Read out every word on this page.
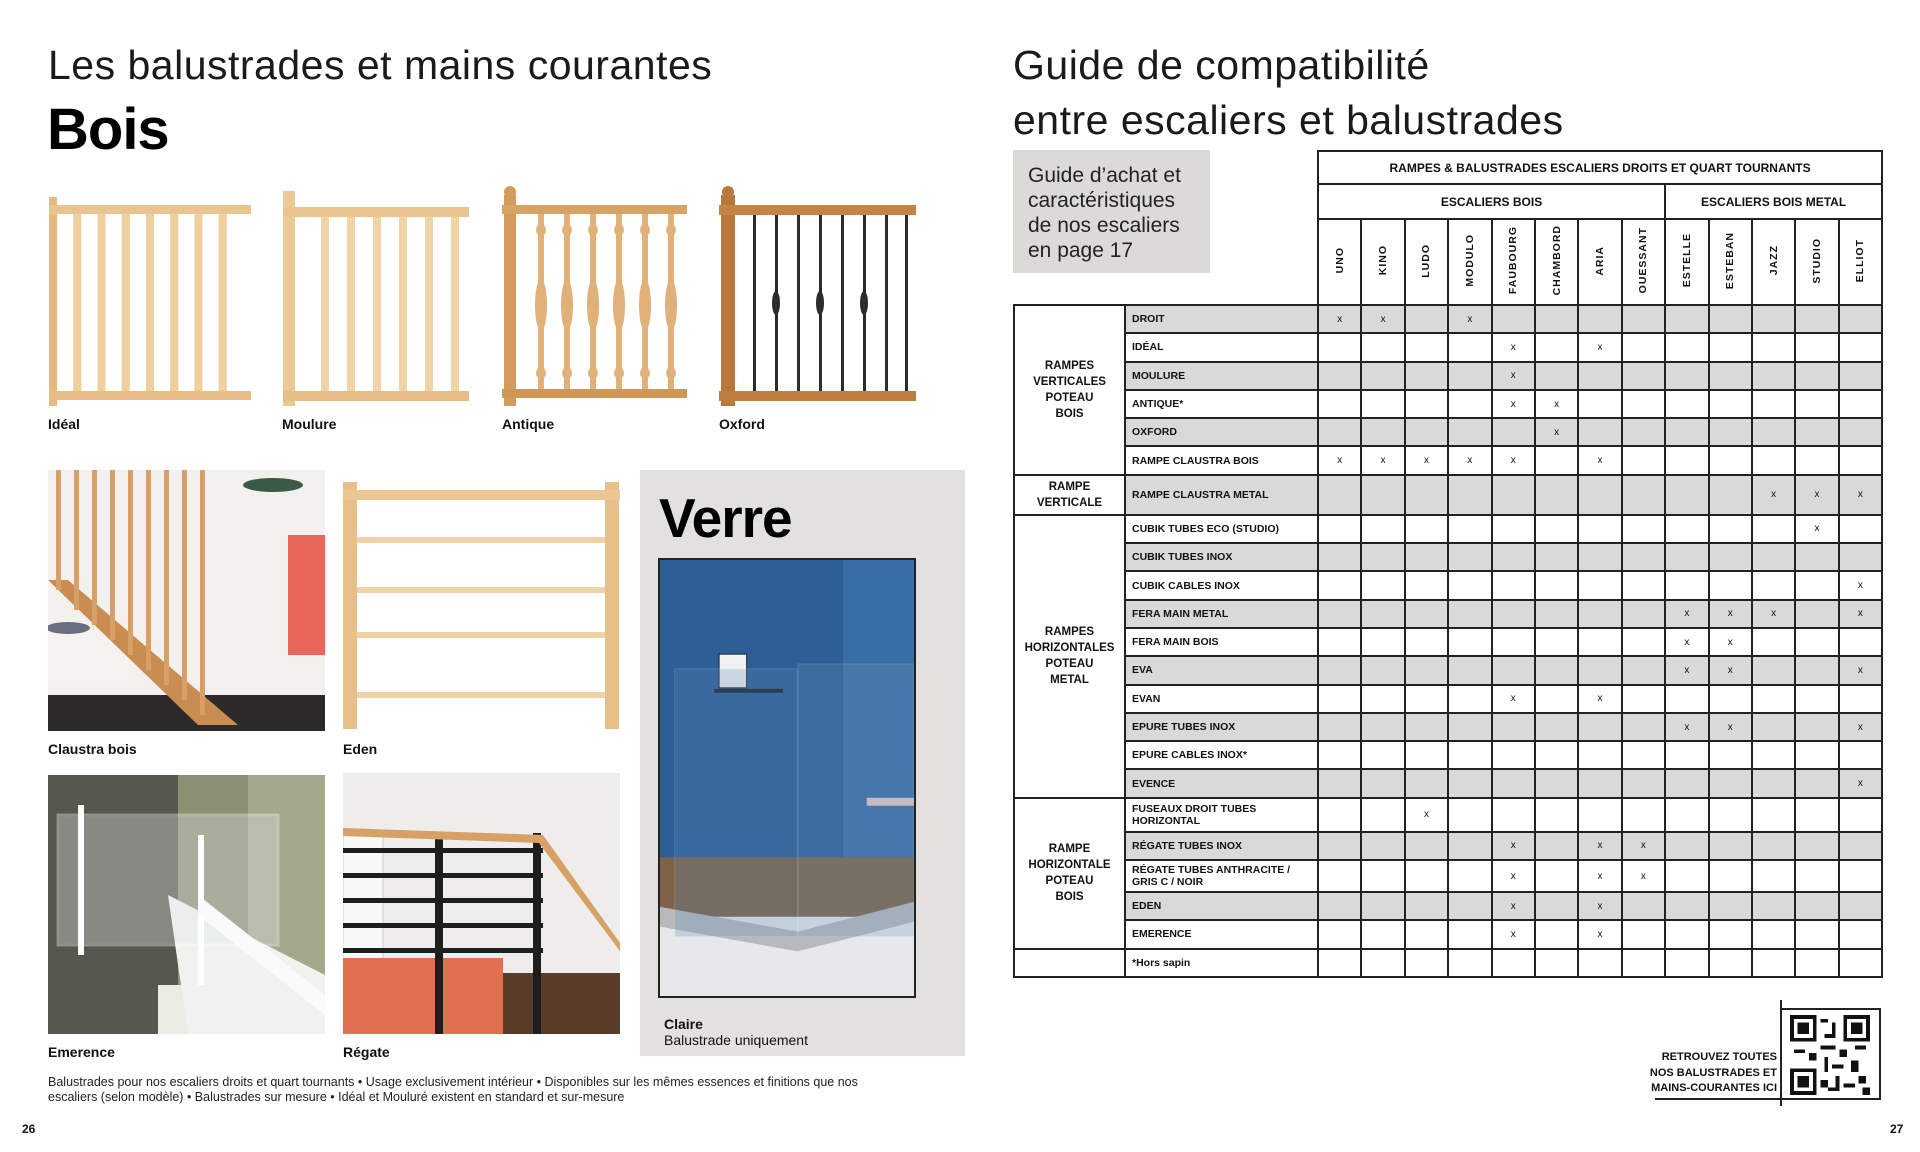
Les balustrades et mains courantes
Bois
Idéal	Moulure	Antique	Oxford
Claustra bois	Eden
Verre
Claire
Balustrade uniquement
Emerence	Régate
Balustrades pour nos escaliers droits et quart tournants • Usage exclusivement intérieur • Disponibles sur les mêmes essences et finitions que nos
escaliers (selon modèle) • Balustrades sur mesure • Idéal et Mouluré existent en standard et sur-mesure
26
Guide de compatibilité
entre escaliers et balustrades
Guide d’achat et
caractéristiques
de nos escaliers
en page 17
		RAMPES & BALUSTRADES ESCALIERS DROITS ET QUART TOURNANTS												
		ESCALIERS BOIS								ESCALIERS BOIS METAL				
		UNO	KINO	LUDO	MODULO	FAUBOURG	CHAMBORD	ARIA	OUESSANT	ESTELLE	ESTEBAN	JAZZ	STUDIO	ELLIOT
RAMPES
VERTICALES
POTEAU
BOIS	DROIT	x	x		x									
	IDÉAL					x		x						
	MOULURE					x								
	ANTIQUE*					x	x							
	OXFORD						x							
	RAMPE CLAUSTRA BOIS	x	x	x	x	x		x						
RAMPE
VERTICALE	RAMPE CLAUSTRA METAL											x	x	x
RAMPES
HORIZONTALES
POTEAU
METAL	CUBIK TUBES ECO (STUDIO)												x	
	CUBIK TUBES INOX													
	CUBIK CABLES INOX													x
	FERA MAIN METAL									x	x	x		x
	FERA MAIN BOIS									x	x			
	EVA									x	x			x
	EVAN					x		x						
	EPURE TUBES INOX									x	x			x
	EPURE CABLES INOX*													
	EVENCE													x
RAMPE
HORIZONTALE
POTEAU
BOIS	FUSEAUX DROIT TUBES HORIZONTAL			x										
	RÉGATE TUBES INOX					x		x	x					
	RÉGATE TUBES ANTHRACITE / GRIS C / NOIR					x		x	x					
	EDEN					x		x						
	EMERENCE					x		x						
	*Hors sapin													
RETROUVEZ TOUTES
NOS BALUSTRADES ET
MAINS-COURANTES ICI
27
